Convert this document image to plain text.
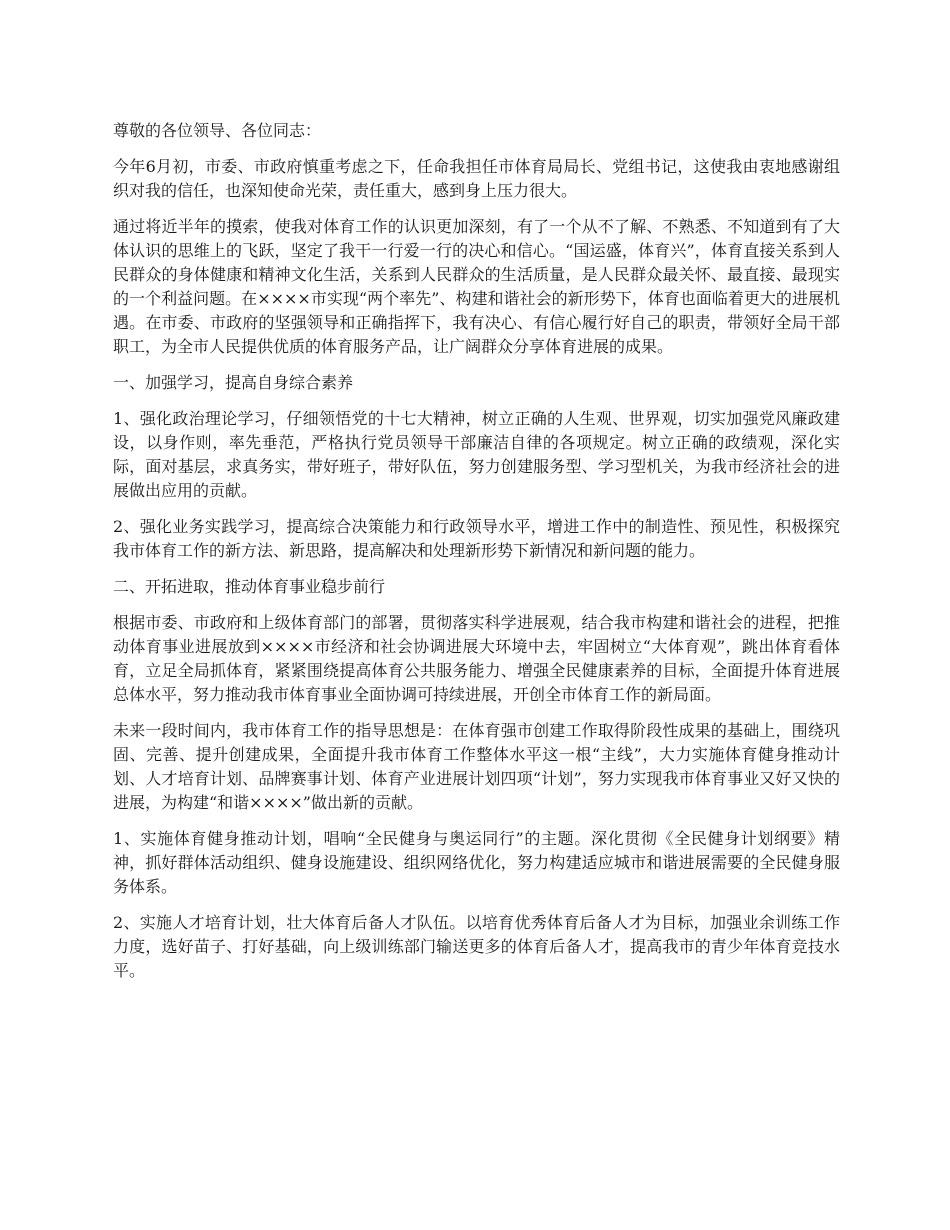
尊敬的各位领导、各位同志：

今年6月初，市委、市政府慎重考虑之下，任命我担任市体育局局长、党组书记，这使我由衷地感谢组织对我的信任，也深知使命光荣，责任重大，感到身上压力很大。

通过将近半年的摸索，使我对体育工作的认识更加深刻，有了一个从不了解、不熟悉、不知道到有了大体认识的思维上的飞跃，坚定了我干一行爱一行的决心和信心。“国运盛，体育兴”，体育直接关系到人民群众的身体健康和精神文化生活，关系到人民群众的生活质量，是人民群众最关怀、最直接、最现实的一个利益问题。在××××市实现“两个率先”、构建和谐社会的新形势下，体育也面临着更大的进展机遇。在市委、市政府的坚强领导和正确指挥下，我有决心、有信心履行好自己的职责，带领好全局干部职工，为全市人民提供优质的体育服务产品，让广阔群众分享体育进展的成果。

一、加强学习，提高自身综合素养

1、强化政治理论学习，仔细领悟党的十七大精神，树立正确的人生观、世界观，切实加强党风廉政建设，以身作则，率先垂范，严格执行党员领导干部廉洁自律的各项规定。树立正确的政绩观，深化实际，面对基层，求真务实，带好班子，带好队伍，努力创建服务型、学习型机关，为我市经济社会的进展做出应用的贡献。

2、强化业务实践学习，提高综合决策能力和行政领导水平，增进工作中的制造性、预见性，积极探究我市体育工作的新方法、新思路，提高解决和处理新形势下新情况和新问题的能力。

二、开拓进取，推动体育事业稳步前行

根据市委、市政府和上级体育部门的部署，贯彻落实科学进展观，结合我市构建和谐社会的进程，把推动体育事业进展放到××××市经济和社会协调进展大环境中去，牢固树立“大体育观”，跳出体育看体育，立足全局抓体育，紧紧围绕提高体育公共服务能力、增强全民健康素养的目标，全面提升体育进展总体水平，努力推动我市体育事业全面协调可持续进展，开创全市体育工作的新局面。

未来一段时间内，我市体育工作的指导思想是：在体育强市创建工作取得阶段性成果的基础上，围绕巩固、完善、提升创建成果，全面提升我市体育工作整体水平这一根“主线”，大力实施体育健身推动计划、人才培育计划、品牌赛事计划、体育产业进展计划四项“计划”，努力实现我市体育事业又好又快的进展，为构建“和谐××××”做出新的贡献。

1、实施体育健身推动计划，唱响“全民健身与奥运同行”的主题。深化贯彻《全民健身计划纲要》精神，抓好群体活动组织、健身设施建设、组织网络优化，努力构建适应城市和谐进展需要的全民健身服务体系。

2、实施人才培育计划，壮大体育后备人才队伍。以培育优秀体育后备人才为目标，加强业余训练工作力度，选好苗子、打好基础，向上级训练部门输送更多的体育后备人才，提高我市的青少年体育竞技水平。
